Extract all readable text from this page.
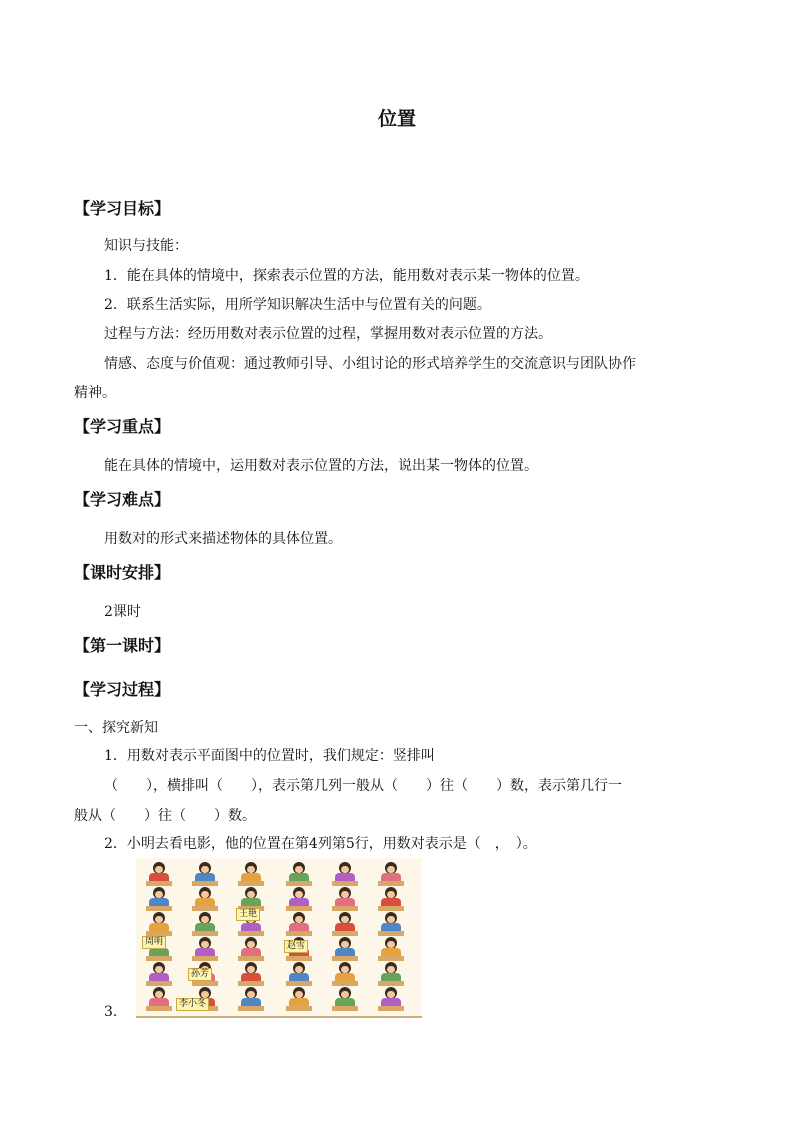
位置
【学习目标】
知识与技能：
1．能在具体的情境中，探索表示位置的方法，能用数对表示某一物体的位置。
2．联系生活实际，用所学知识解决生活中与位置有关的问题。
过程与方法：经历用数对表示位置的过程，掌握用数对表示位置的方法。
情感、态度与价值观：通过教师引导、小组讨论的形式培养学生的交流意识与团队协作
精神。
【学习重点】
能在具体的情境中，运用数对表示位置的方法，说出某一物体的位置。
【学习难点】
用数对的形式来描述物体的具体位置。
【课时安排】
2课时
【第一课时】
【学习过程】
一、探究新知
1．用数对表示平面图中的位置时，我们规定：竖排叫
（　　），横排叫（　　），表示第几列一般从（　　）往（　　）数，表示第几行一
般从（　　）往（　　）数。
2．小明去看电影，他的位置在第4列第5行，用数对表示是（　，　）。
王艳
周明	赵雪
孙芳
李小冬
3.
